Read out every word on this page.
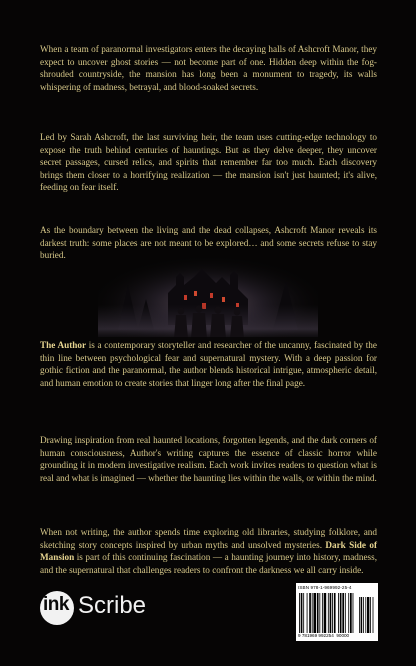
When a team of paranormal investigators enters the decaying halls of Ashcroft Manor, they expect to uncover ghost stories — not become part of one. Hidden deep within the fog-shrouded countryside, the mansion has long been a monument to tragedy, its walls whispering of madness, betrayal, and blood-soaked secrets.

Led by Sarah Ashcroft, the last surviving heir, the team uses cutting-edge technology to expose the truth behind centuries of hauntings. But as they delve deeper, they uncover secret passages, cursed relics, and spirits that remember far too much. Each discovery brings them closer to a horrifying realization — the mansion isn't just haunted; it's alive, feeding on fear itself.

As the boundary between the living and the dead collapses, Ashcroft Manor reveals its darkest truth: some places are not meant to be explored… and some secrets refuse to stay buried.

The Author is a contemporary storyteller and researcher of the uncanny, fascinated by the thin line between psychological fear and supernatural mystery. With a deep passion for gothic fiction and the paranormal, the author blends historical intrigue, atmospheric detail, and human emotion to create stories that linger long after the final page.

Drawing inspiration from real haunted locations, forgotten legends, and the dark corners of human consciousness, Author's writing captures the essence of classic horror while grounding it in modern investigative realism. Each work invites readers to question what is real and what is imagined — whether the haunting lies within the walls, or within the mind.

When not writing, the author spends time exploring old libraries, studying folklore, and sketching story concepts inspired by urban myths and unsolved mysteries. Dark Side of Mansion is part of this continuing fascination — a haunting journey into history, madness, and the supernatural that challenges readers to confront the darkness we all carry inside.

ink Scribe
ISBN 978-1-969992-25-4
9 781969 992254 90000
